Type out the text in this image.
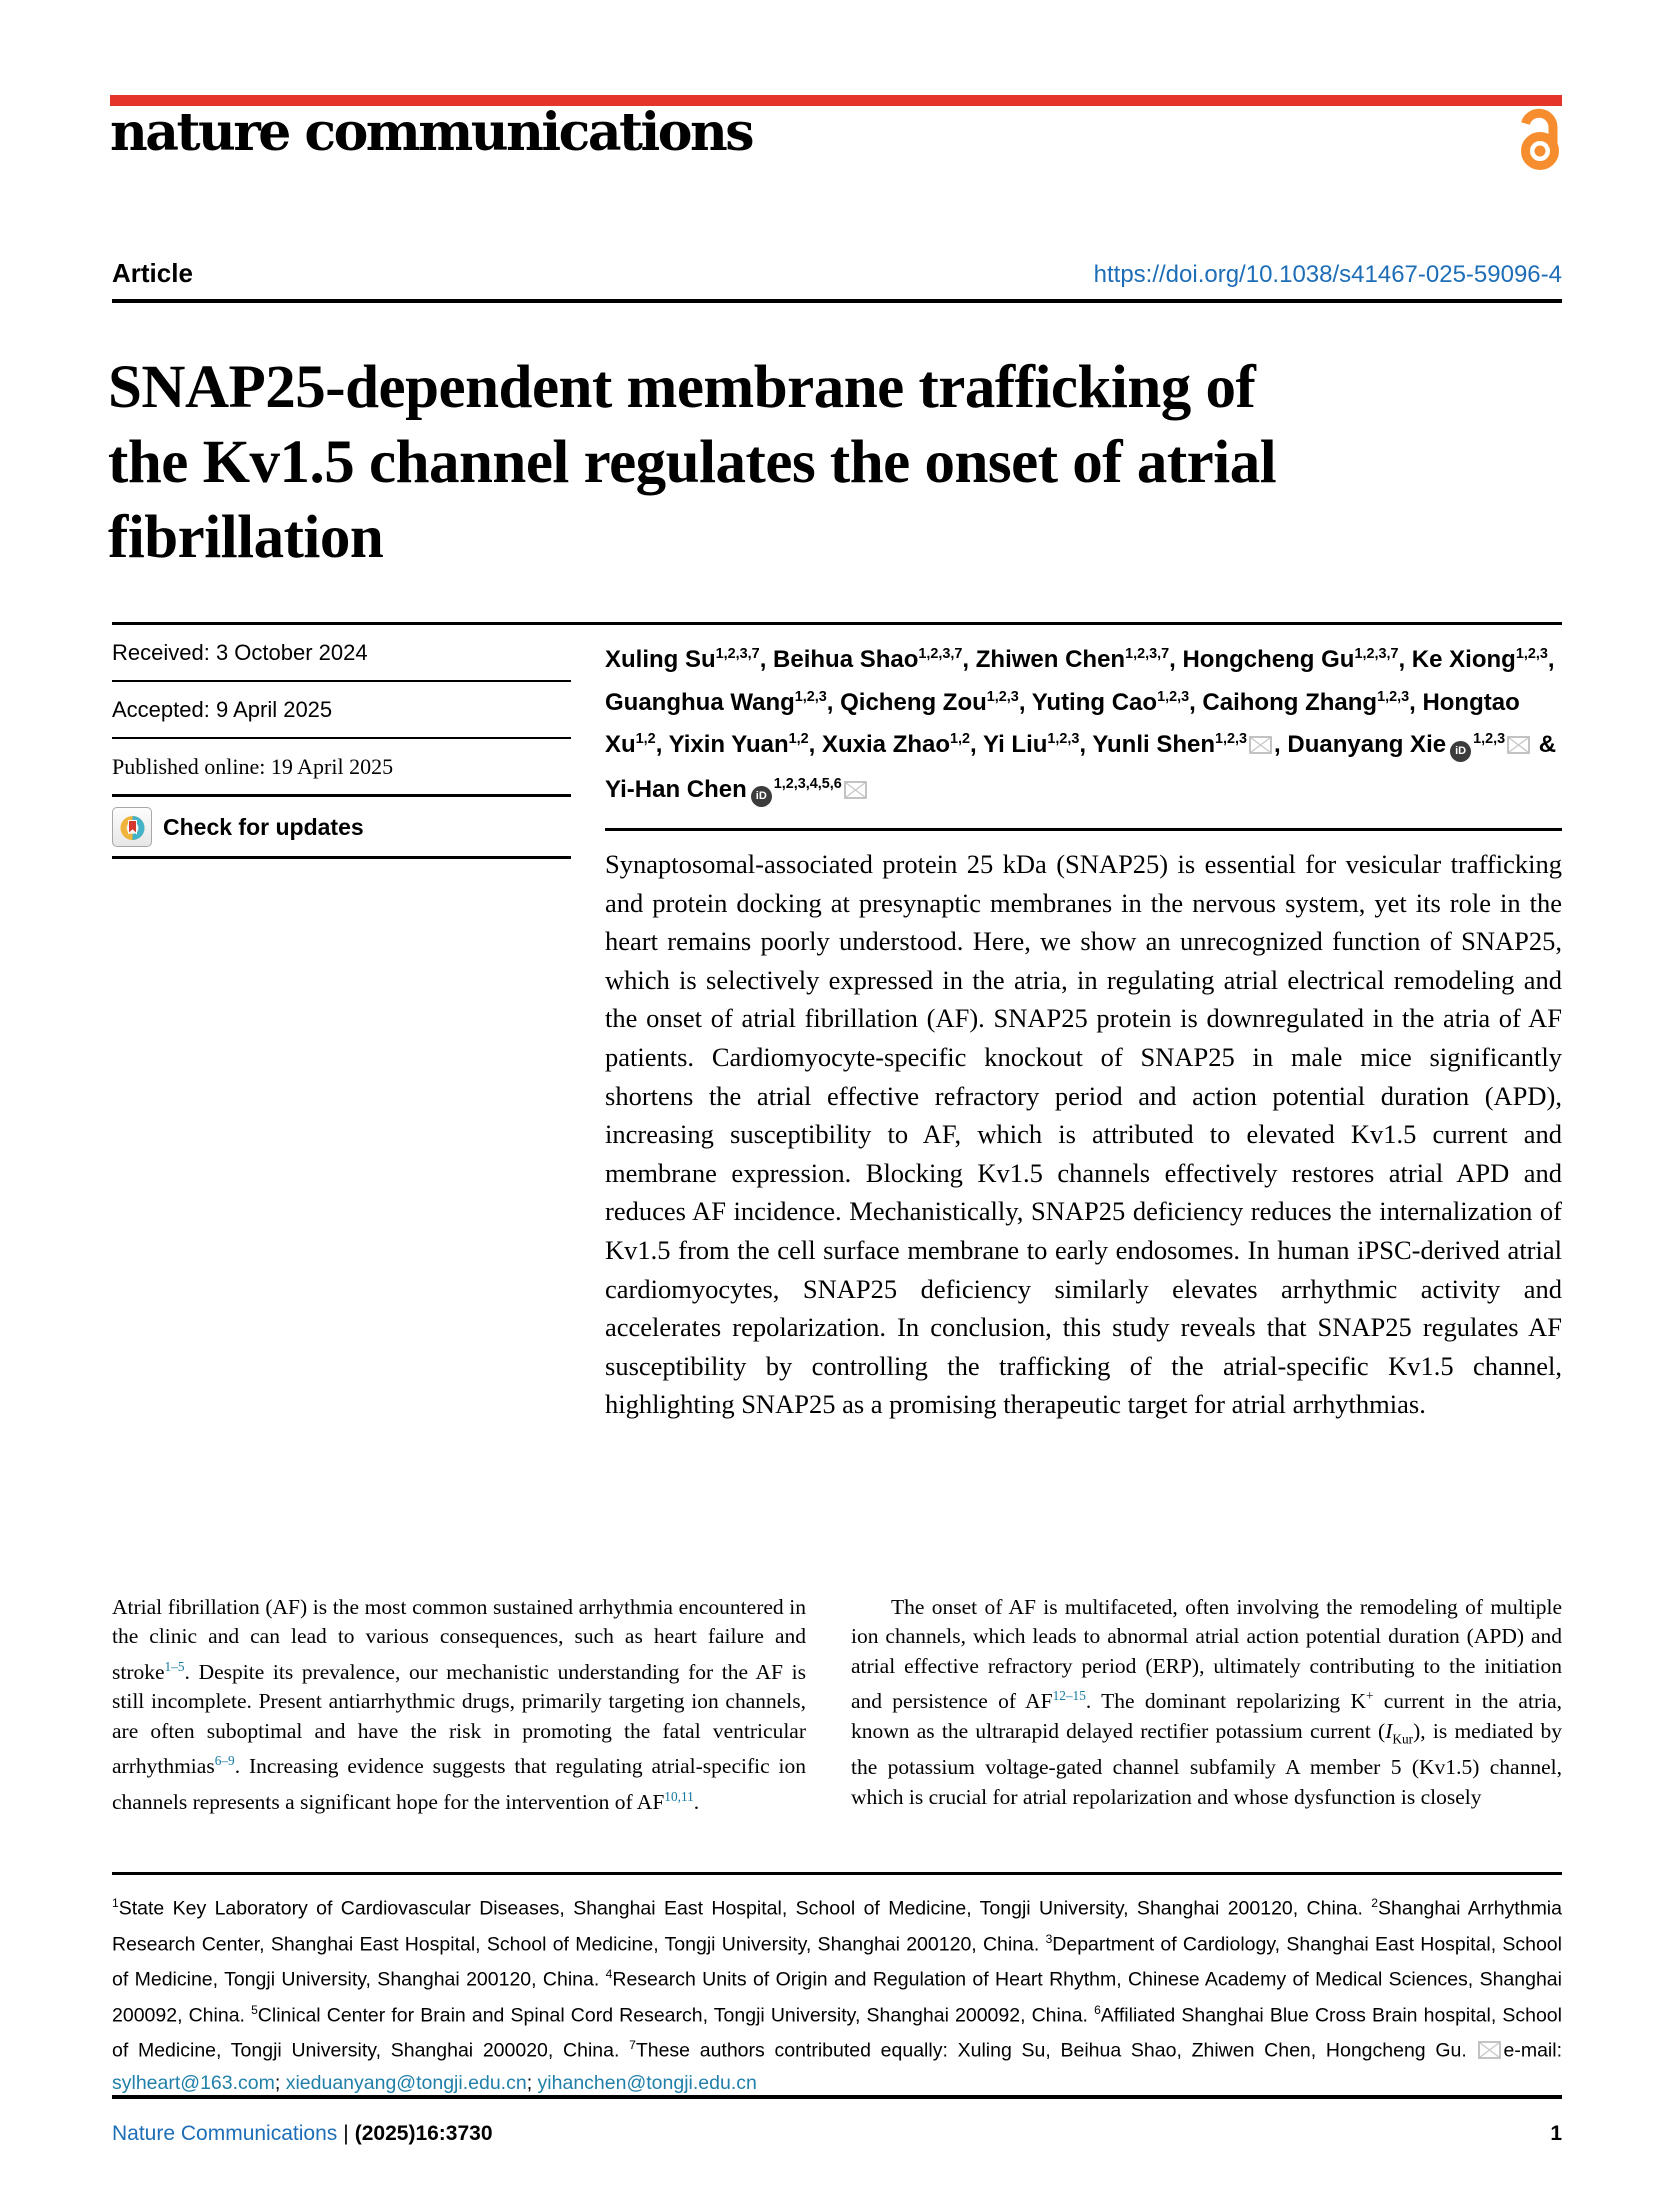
nature communications
Article	https://doi.org/10.1038/s41467-025-59096-4
SNAP25-dependent membrane trafficking of
the Kv1.5 channel regulates the onset of atrial
fibrillation
Received: 3 October 2024
Accepted: 9 April 2025
Published online: 19 April 2025
Check for updates

Xuling Su$^{1,2,3,7}$, Beihua Shao$^{1,2,3,7}$, Zhiwen Chen$^{1,2,3,7}$, Hongcheng Gu$^{1,2,3,7}$, Ke Xiong$^{1,2,3}$, Guanghua Wang$^{1,2,3}$, Qicheng Zou$^{1,2,3}$, Yuting Cao$^{1,2,3}$, Caihong Zhang$^{1,2,3}$, Hongtao Xu$^{1,2}$, Yixin Yuan$^{1,2}$, Xuxia Zhao$^{1,2}$, Yi Liu$^{1,2,3}$, Yunli Shen$^{1,2,3}$ , Duanyang Xie iD$^{1,2,3}$ & Yi-Han Chen iD$^{1,2,3,4,5,6}$

Synaptosomal-associated protein 25 kDa (SNAP25) is essential for vesicular trafficking and protein docking at presynaptic membranes in the nervous system, yet its role in the heart remains poorly understood. Here, we show an unrecognized function of SNAP25, which is selectively expressed in the atria, in regulating atrial electrical remodeling and the onset of atrial fibrillation (AF). SNAP25 protein is downregulated in the atria of AF patients. Cardiomyocyte-specific knockout of SNAP25 in male mice significantly shortens the atrial effective refractory period and action potential duration (APD), increasing susceptibility to AF, which is attributed to elevated Kv1.5 current and membrane expression. Blocking Kv1.5 channels effectively restores atrial APD and reduces AF incidence. Mechanistically, SNAP25 deficiency reduces the internalization of Kv1.5 from the cell surface membrane to early endosomes. In human iPSC-derived atrial cardiomyocytes, SNAP25 deficiency similarly elevates arrhythmic activity and accelerates repolarization. In conclusion, this study reveals that SNAP25 regulates AF susceptibility by controlling the trafficking of the atrial-specific Kv1.5 channel, highlighting SNAP25 as a promising therapeutic target for atrial arrhythmias.

Atrial fibrillation (AF) is the most common sustained arrhythmia encountered in the clinic and can lead to various consequences, such as heart failure and stroke$^{1-5}$. Despite its prevalence, our mechanistic understanding for the AF is still incomplete. Present antiarrhythmic drugs, primarily targeting ion channels, are often suboptimal and have the risk in promoting the fatal ventricular arrhythmias$^{6-9}$. Increasing evidence suggests that regulating atrial-specific ion channels represents a significant hope for the intervention of AF$^{10,11}$.

The onset of AF is multifaceted, often involving the remodeling of multiple ion channels, which leads to abnormal atrial action potential duration (APD) and atrial effective refractory period (ERP), ultimately contributing to the initiation and persistence of AF$^{12-15}$. The dominant repolarizing K+ current in the atria, known as the ultrarapid delayed rectifier potassium current $(I_{Kur})$, is mediated by the potassium voltage-gated channel subfamily A member 5 (Kv1.5) channel, which is crucial for atrial repolarization and whose dysfunction is closely

$^1$State Key Laboratory of Cardiovascular Diseases, Shanghai East Hospital, School of Medicine, Tongji University, Shanghai 200120, China. $^2$Shanghai Arrhythmia Research Center, Shanghai East Hospital, School of Medicine, Tongji University, Shanghai 200120, China. $^3$Department of Cardiology, Shanghai East Hospital, School of Medicine, Tongji University, Shanghai 200120, China. $^4$Research Units of Origin and Regulation of Heart Rhythm, Chinese Academy of Medical Sciences, Shanghai 200092, China. $^5$Clinical Center for Brain and Spinal Cord Research, Tongji University, Shanghai 200092, China. $^6$Affiliated Shanghai Blue Cross Brain hospital, School of Medicine, Tongji University, Shanghai 200020, China. $^7$These authors contributed equally: Xuling Su, Beihua Shao, Zhiwen Chen, Hongcheng Gu. e-mail: sylheart@163.com; xieduanyang@tongji.edu.cn; yihanchen@tongji.edu.cn

Nature Communications | (2025)16:3730	1
